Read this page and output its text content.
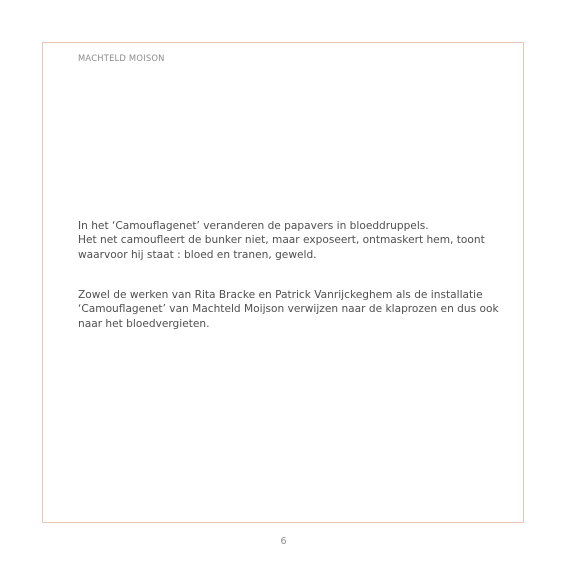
MACHTELD MOISON
In het ‘Camouflagenet’ veranderen de papavers in bloeddruppels.
Het net camoufleert de bunker niet, maar exposeert, ontmaskert hem, toont
waarvoor hij staat : bloed en tranen, geweld.
Zowel de werken van Rita Bracke en Patrick Vanrijckeghem als de installatie
‘Camouflagenet’ van Machteld Moijson verwijzen naar de klaprozen en dus ook
naar het bloedvergieten.
6
